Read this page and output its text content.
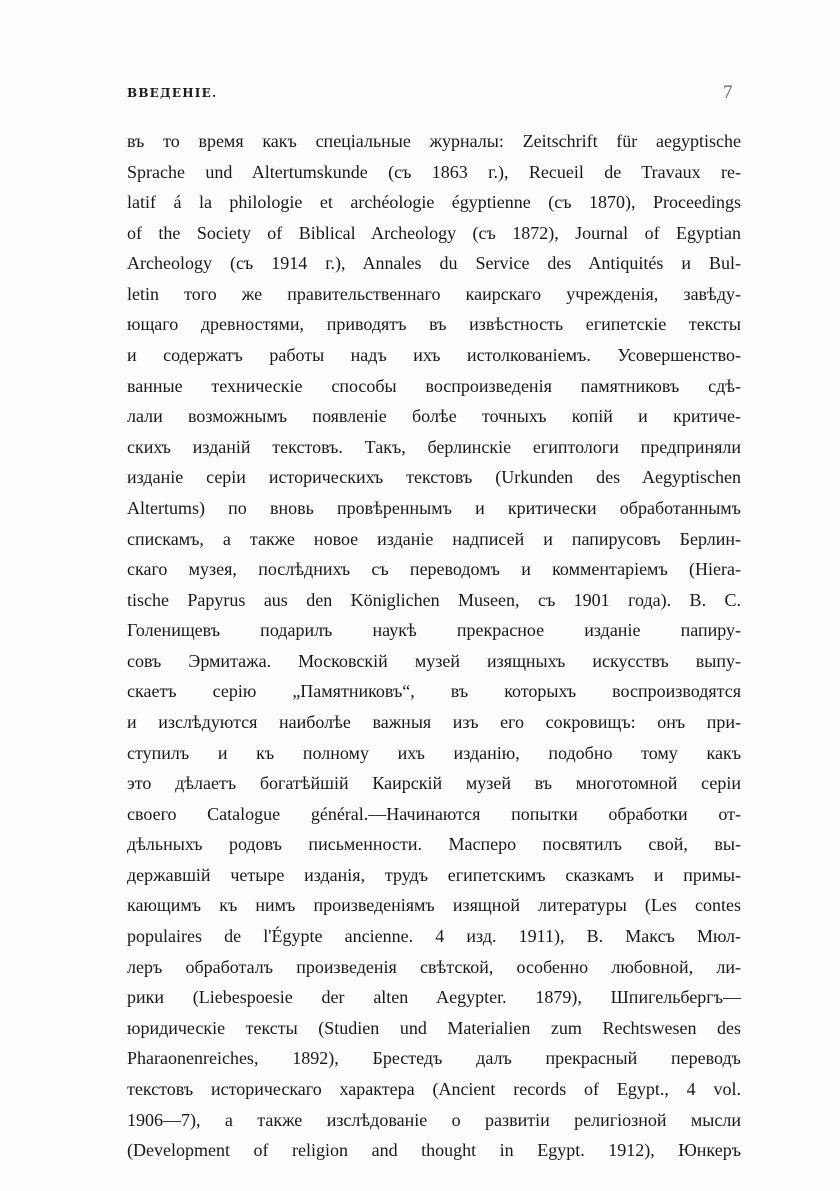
ВВЕДЕНІЕ.	7
въ то время какъ спеціальные журналы: Zeitschrift für aegyptische
Sprache und Altertumskunde (съ 1863 г.), Recueil de Travaux re-
latif á la philologie et archéologie égyptienne (съ 1870), Proceedings
of the Society of Biblical Archeology (съ 1872), Journal of Egyptian
Archeology (съ 1914 г.), Annales du Service des Antiquités и Bul-
letin того же правительственнаго каирскаго учрежденія, завѣду-
ющаго древностями, приводятъ въ извѣстность египетскіе тексты
и содержатъ работы надъ ихъ истолкованіемъ. Усовершенство-
ванные техническіе способы воспроизведенія памятниковъ сдѣ-
лали возможнымъ появленіе болѣе точныхъ копій и критиче-
скихъ изданій текстовъ. Такъ, берлинскіе египтологи предприняли
изданіе серіи историческихъ текстовъ (Urkunden des Aegyptischen
Altertums) по вновь провѣреннымъ и критически обработаннымъ
спискамъ, а также новое изданіе надписей и папирусовъ Берлин-
скаго музея, послѣднихъ съ переводомъ и комментаріемъ (Hiera-
tische Papyrus aus den Königlichen Museen, съ 1901 года). В. С.
Голенищевъ подарилъ наукѣ прекрасное изданіе папиру-
совъ Эрмитажа. Московскій музей изящныхъ искусствъ выпу-
скаетъ серію „Памятниковъ“, въ которыхъ воспроизводятся
и изслѣдуются наиболѣе важныя изъ его сокровищъ: онъ при-
ступилъ и къ полному ихъ изданію, подобно тому какъ
это дѣлаетъ богатѣйшій Каирскій музей въ многотомной серіи
своего Catalogue général.—Начинаются попытки обработки от-
дѣльныхъ родовъ письменности. Масперо посвятилъ свой, вы-
державшій четыре изданія, трудъ египетскимъ сказкамъ и примы-
кающимъ къ нимъ произведеніямъ изящной литературы (Les contes
populaires de l'Égypte ancienne. 4 изд. 1911), В. Максъ Мюл-
леръ обработалъ произведенія свѣтской, особенно любовной, ли-
рики (Liebespoesie der alten Aegypter. 1879), Шпигельбергъ—
юридическіе тексты (Studien und Materialien zum Rechtswesen des
Pharaonenreiches, 1892), Брестедъ далъ прекрасный переводъ
текстовъ историческаго характера (Ancient records of Egypt., 4 vol.
1906—7), а также изслѣдованіе о развитіи религіозной мысли
(Development of religion and thought in Egypt. 1912), Юнкеръ
